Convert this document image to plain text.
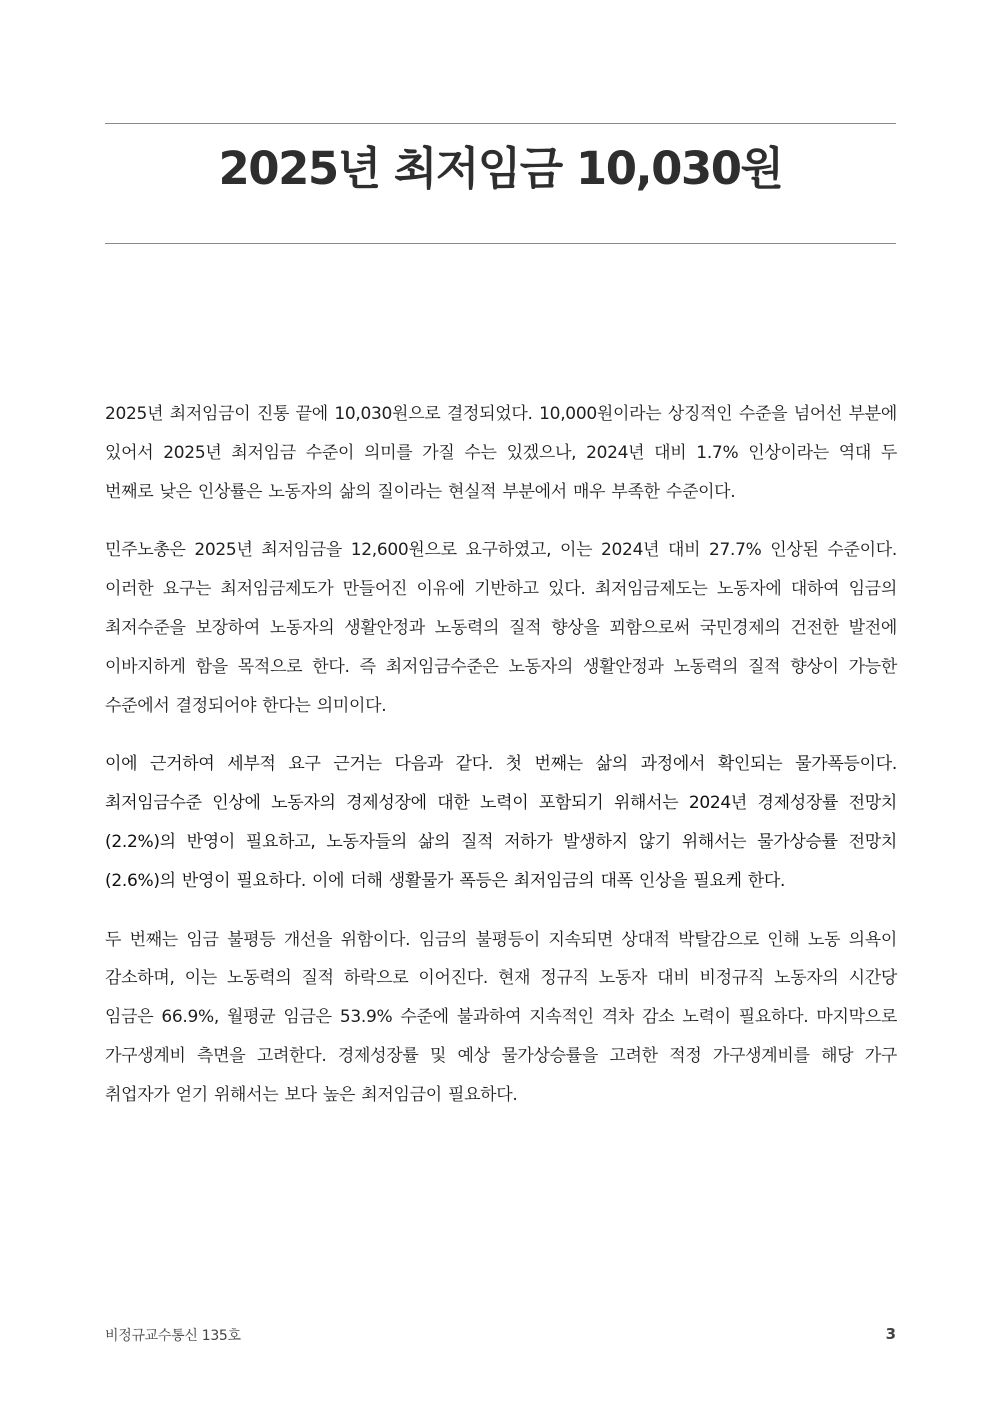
2025년 최저임금 10,030원

2025년 최저임금이 진통 끝에 10,030원으로 결정되었다. 10,000원이라는 상징적인 수준을 넘어선 부분에 있어서 2025년 최저임금 수준이 의미를 가질 수는 있겠으나, 2024년 대비 1.7% 인상이라는 역대 두 번째로 낮은 인상률은 노동자의 삶의 질이라는 현실적 부분에서 매우 부족한 수준이다.

민주노총은 2025년 최저임금을 12,600원으로 요구하였고, 이는 2024년 대비 27.7% 인상된 수준이다. 이러한 요구는 최저임금제도가 만들어진 이유에 기반하고 있다. 최저임금제도는 노동자에 대하여 임금의 최저수준을 보장하여 노동자의 생활안정과 노동력의 질적 향상을 꾀함으로써 국민경제의 건전한 발전에 이바지하게 함을 목적으로 한다. 즉 최저임금수준은 노동자의 생활안정과 노동력의 질적 향상이 가능한 수준에서 결정되어야 한다는 의미이다.

이에 근거하여 세부적 요구 근거는 다음과 같다. 첫 번째는 삶의 과정에서 확인되는 물가폭등이다. 최저임금수준 인상에 노동자의 경제성장에 대한 노력이 포함되기 위해서는 2024년 경제성장률 전망치(2.2%)의 반영이 필요하고, 노동자들의 삶의 질적 저하가 발생하지 않기 위해서는 물가상승률 전망치(2.6%)의 반영이 필요하다. 이에 더해 생활물가 폭등은 최저임금의 대폭 인상을 필요케 한다.

두 번째는 임금 불평등 개선을 위함이다. 임금의 불평등이 지속되면 상대적 박탈감으로 인해 노동 의욕이 감소하며, 이는 노동력의 질적 하락으로 이어진다. 현재 정규직 노동자 대비 비정규직 노동자의 시간당 임금은 66.9%, 월평균 임금은 53.9% 수준에 불과하여 지속적인 격차 감소 노력이 필요하다. 마지막으로 가구생계비 측면을 고려한다. 경제성장률 및 예상 물가상승률을 고려한 적정 가구생계비를 해당 가구 취업자가 얻기 위해서는 보다 높은 최저임금이 필요하다.

비정규교수통신 135호	3
